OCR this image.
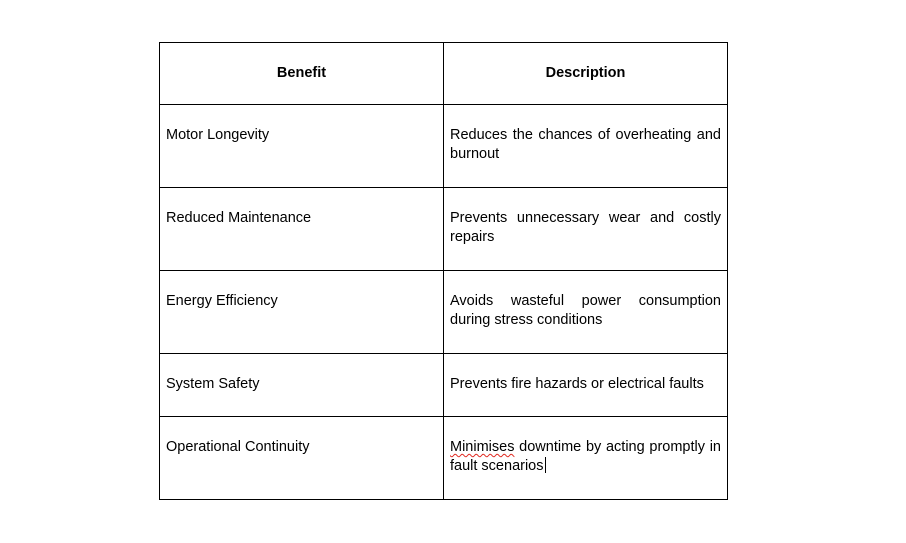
Benefit	Description

Motor Longevity	Reduces the chances of overheating and burnout

Reduced Maintenance	Prevents unnecessary wear and costly repairs

Energy Efficiency	Avoids wasteful power consumption during stress conditions

System Safety	Prevents fire hazards or electrical faults

Operational Continuity	Minimises downtime by acting promptly in fault scenarios
